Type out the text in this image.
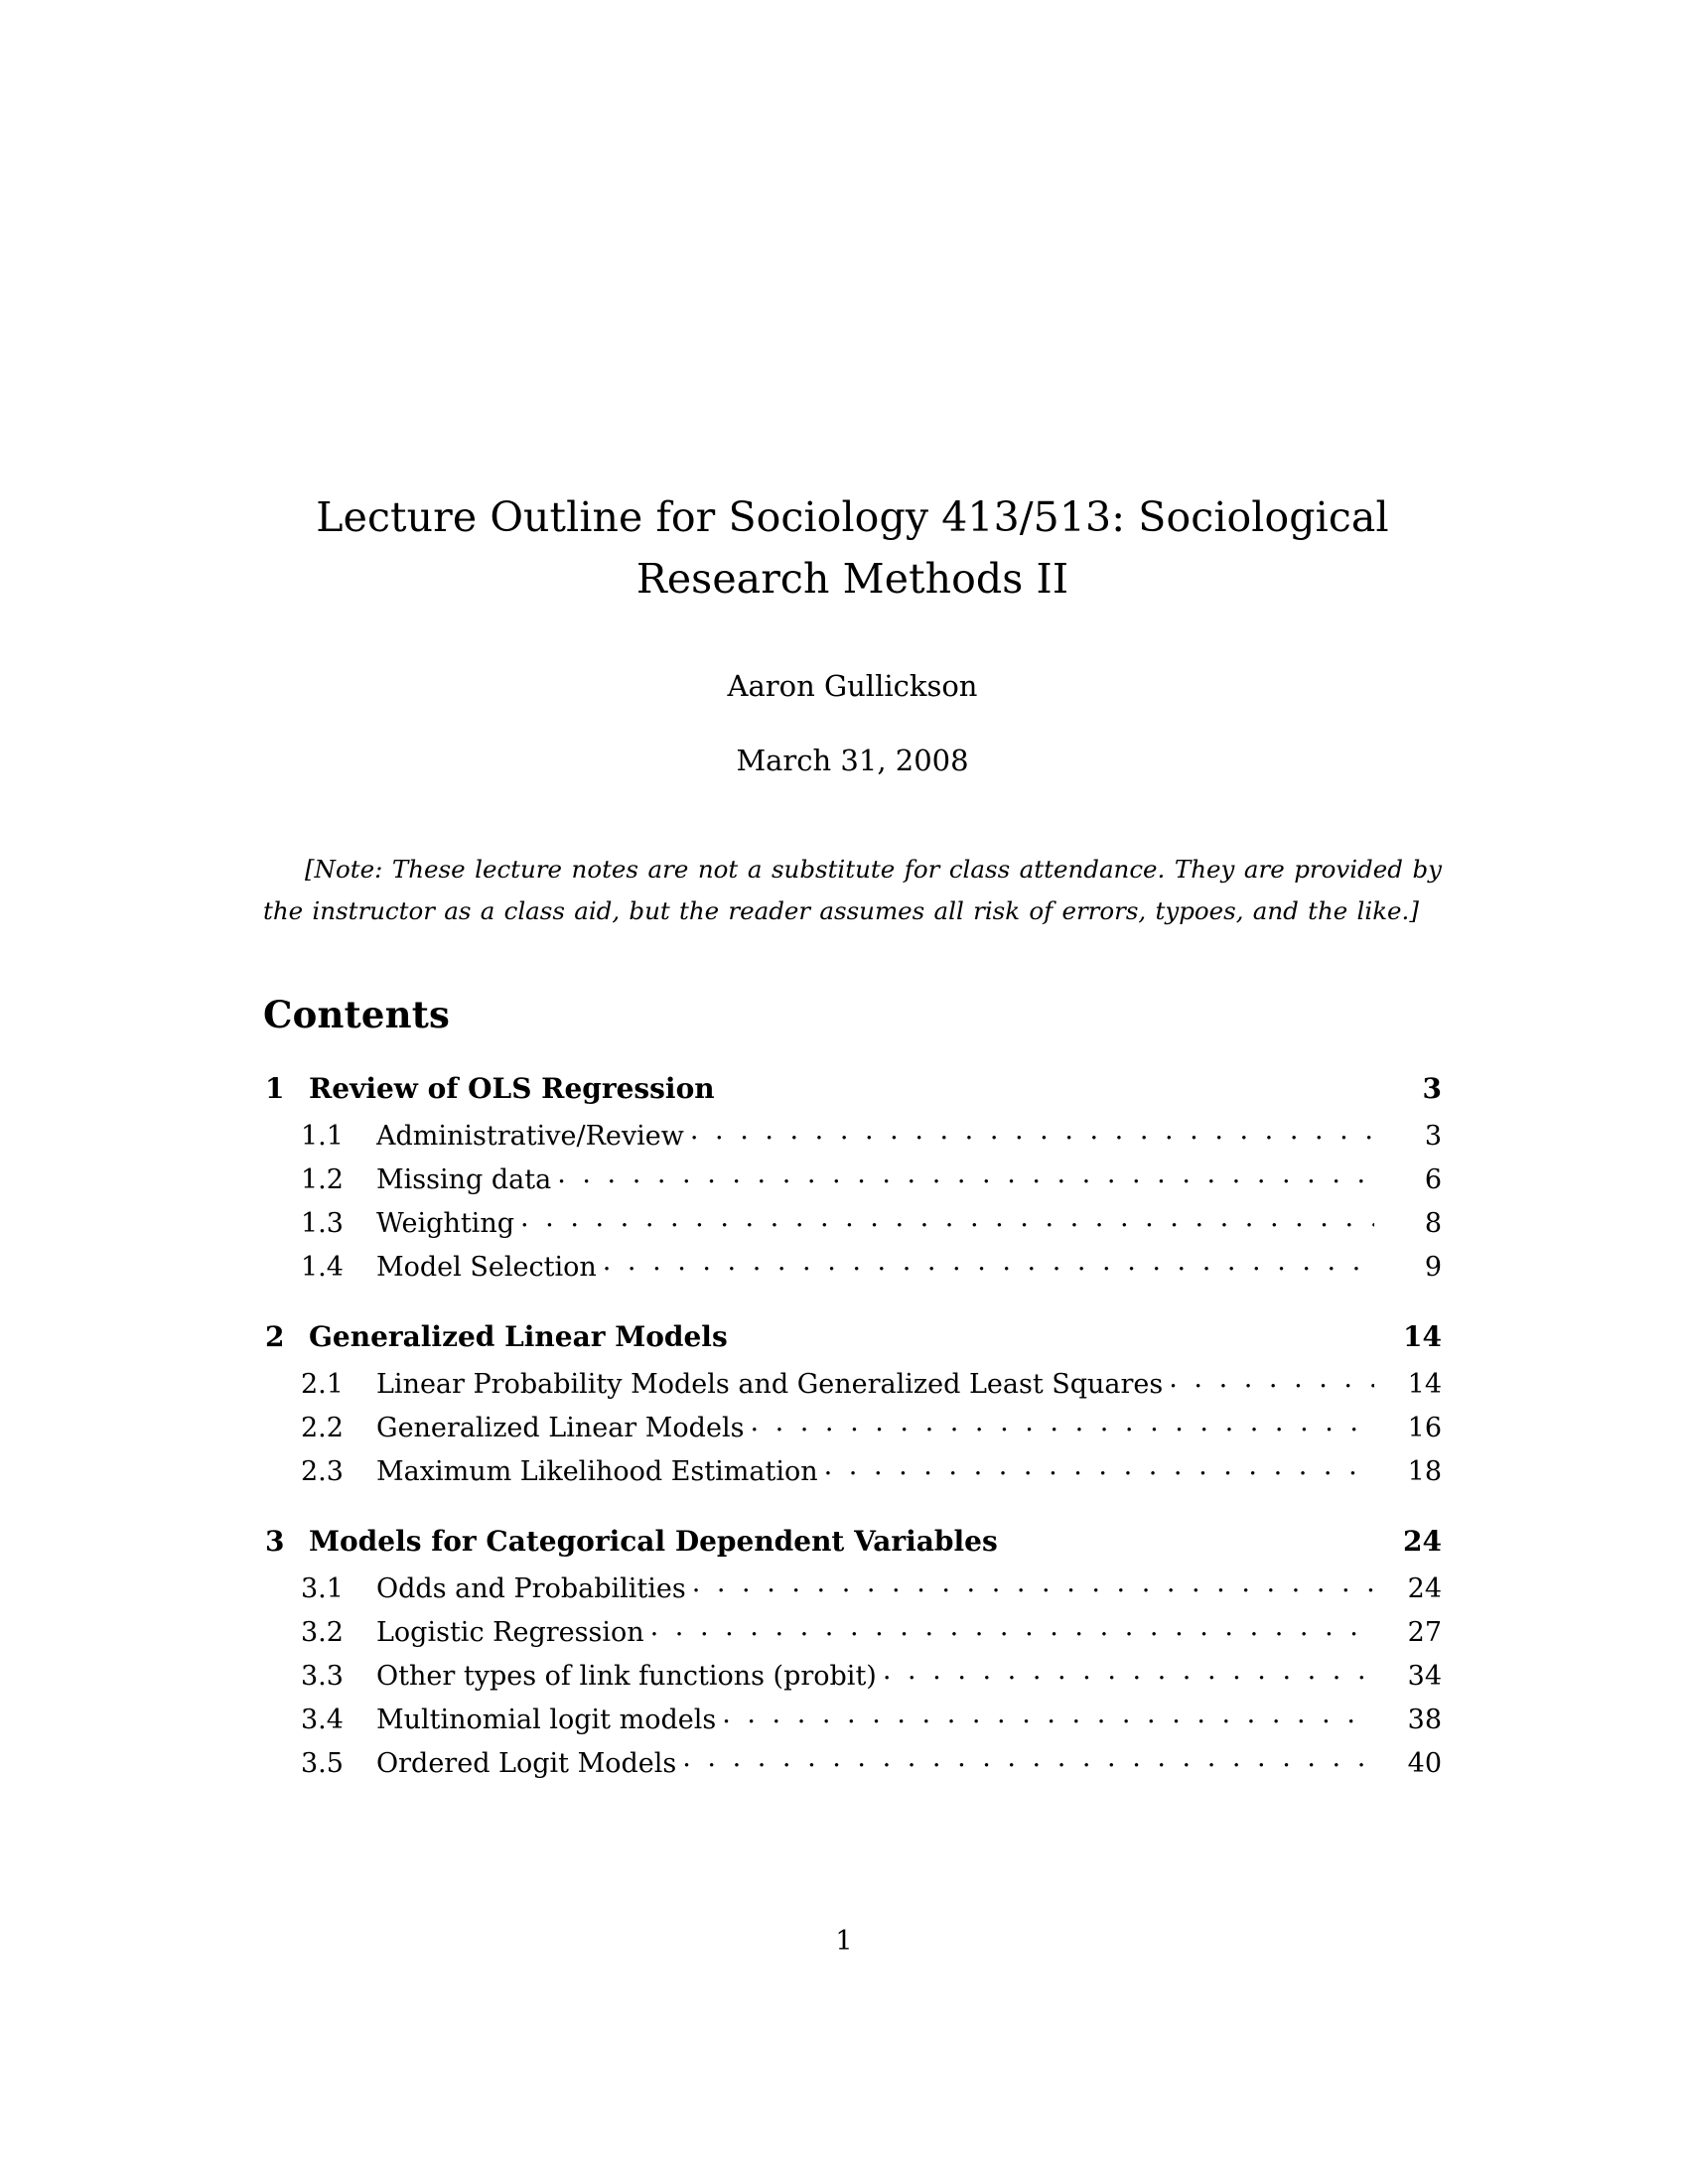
Lecture Outline for Sociology 413/513: Sociological Research Methods II
Aaron Gullickson
March 31, 2008
[Note: These lecture notes are not a substitute for class attendance. They are provided by the instructor as a class aid, but the reader assumes all risk of errors, typoes, and the like.]
Contents
1 Review of OLS Regression	3
1.1	Administrative/Review . . .	3
1.2	Missing data . . .	6
1.3	Weighting . . .	8
1.4	Model Selection . . .	9
2 Generalized Linear Models	14
2.1	Linear Probability Models and Generalized Least Squares . . .	14
2.2	Generalized Linear Models . . .	16
2.3	Maximum Likelihood Estimation . . .	18
3 Models for Categorical Dependent Variables	24
3.1	Odds and Probabilities . . .	24
3.2	Logistic Regression . . .	27
3.3	Other types of link functions (probit) . . .	34
3.4	Multinomial logit models . . .	38
3.5	Ordered Logit Models . . .	40
1
